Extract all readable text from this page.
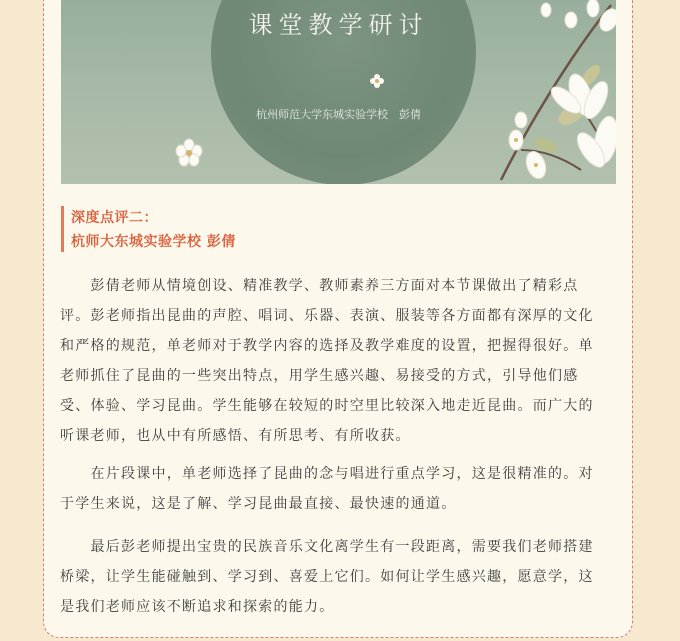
课堂教学研讨
杭州师范大学东城实验学校　彭倩
深度点评二：
杭师大东城实验学校 彭倩

　　彭倩老师从情境创设、精准教学、教师素养三方面对本节课做出了精彩点
评。彭老师指出昆曲的声腔、唱词、乐器、表演、服装等各方面都有深厚的文化
和严格的规范，单老师对于教学内容的选择及教学难度的设置，把握得很好。单
老师抓住了昆曲的一些突出特点，用学生感兴趣、易接受的方式，引导他们感
受、体验、学习昆曲。学生能够在较短的时空里比较深入地走近昆曲。而广大的
听课老师，也从中有所感悟、有所思考、有所收获。

　　在片段课中，单老师选择了昆曲的念与唱进行重点学习，这是很精准的。对
于学生来说，这是了解、学习昆曲最直接、最快速的通道。

　　最后彭老师提出宝贵的民族音乐文化离学生有一段距离，需要我们老师搭建
桥梁，让学生能碰触到、学习到、喜爱上它们。如何让学生感兴趣，愿意学，这
是我们老师应该不断追求和探索的能力。
